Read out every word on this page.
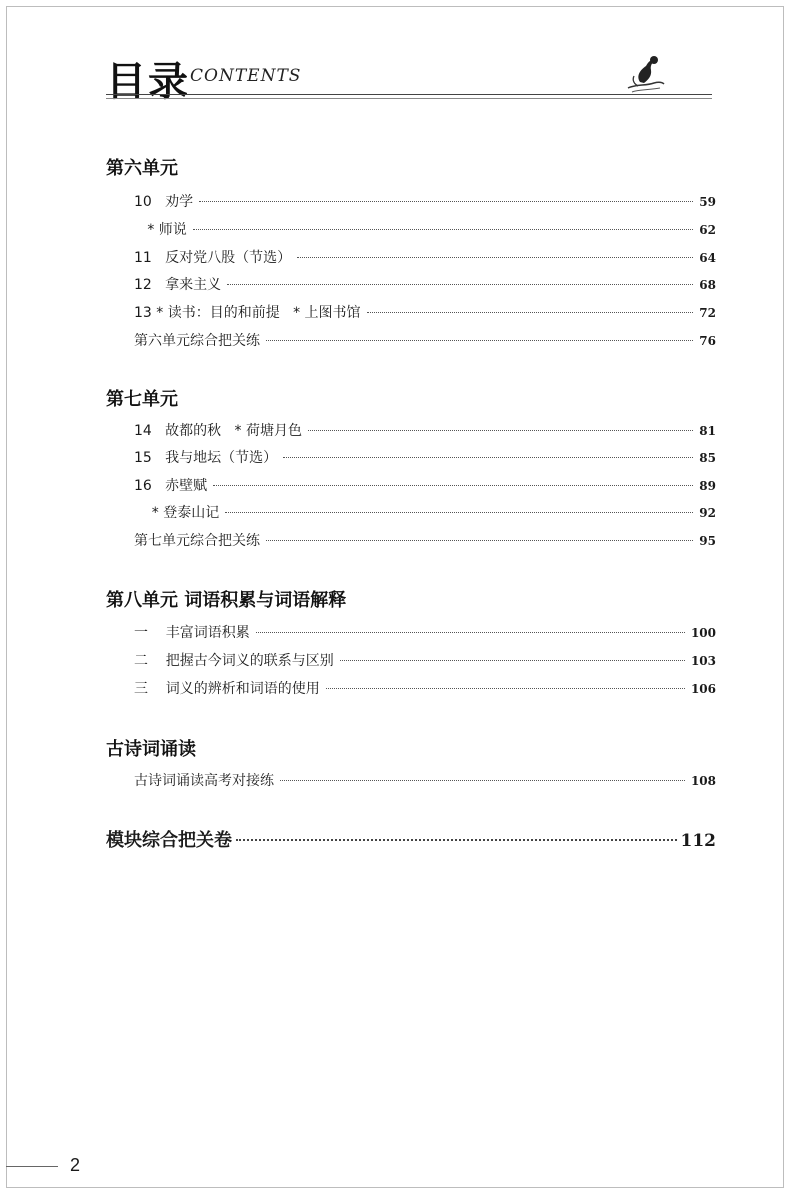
目录 CONTENTS
第六单元
10   劝学	59
* 师说	62
11   反对党八股（节选）	64
12   拿来主义	68
13 * 读书：目的和前提   * 上图书馆	72
第六单元综合把关练	76
第七单元
14   故都的秋   * 荷塘月色	81
15   我与地坛（节选）	85
16   赤壁赋	89
* 登泰山记	92
第七单元综合把关练	95
第八单元 词语积累与词语解释
一    丰富词语积累	100
二    把握古今词义的联系与区别	103
三    词义的辨析和词语的使用	106
古诗词诵读
古诗词诵读高考对接练	108
模块综合把关卷	112
2
